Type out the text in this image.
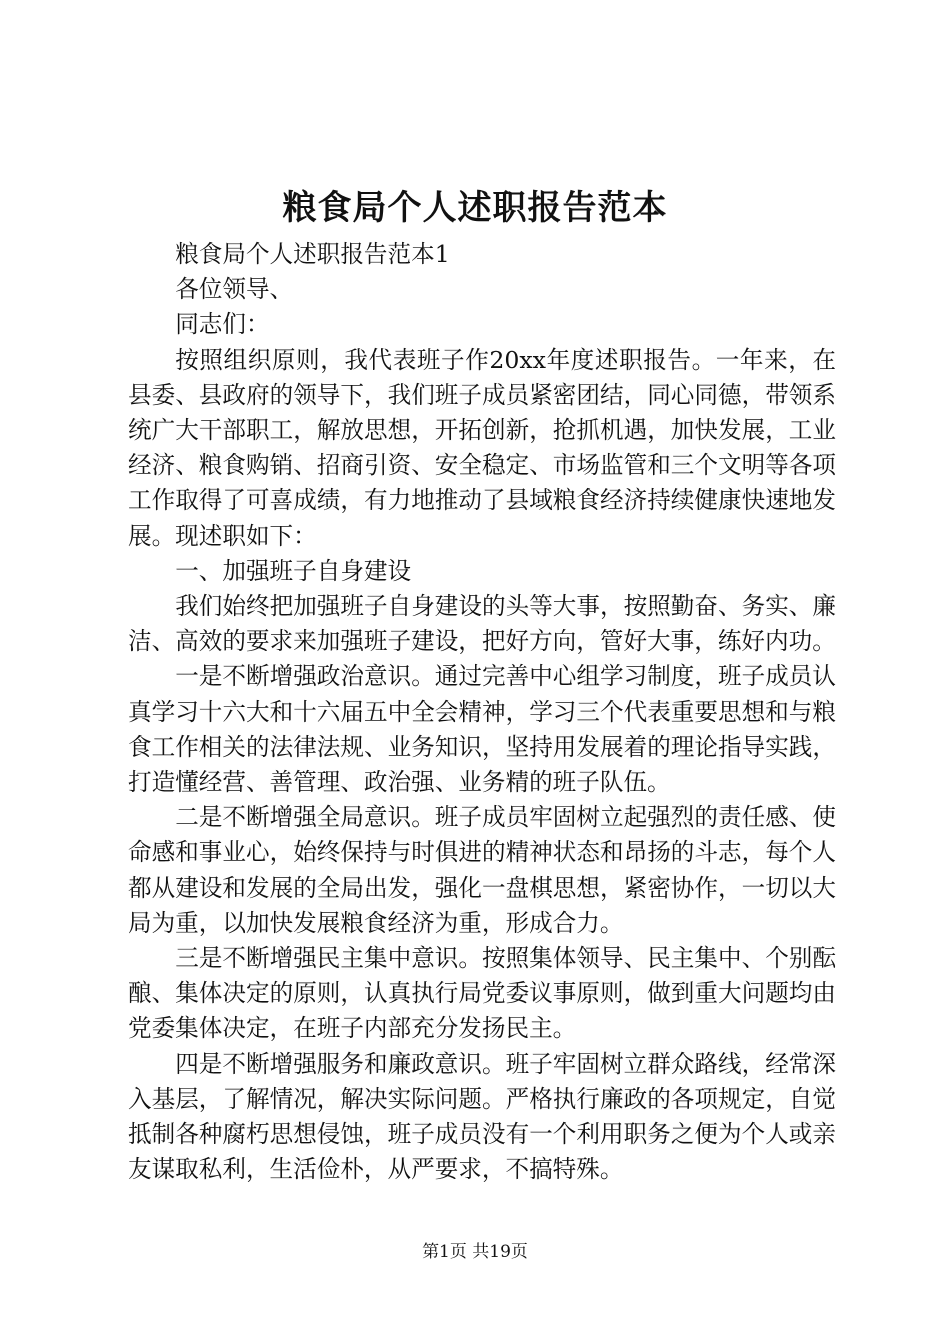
粮食局个人述职报告范本

粮食局个人述职报告范本1

各位领导、

同志们：

按照组织原则，我代表班子作20xx年度述职报告。一年来，在县委、县政府的领导下，我们班子成员紧密团结，同心同德，带领系统广大干部职工，解放思想，开拓创新，抢抓机遇，加快发展，工业经济、粮食购销、招商引资、安全稳定、市场监管和三个文明等各项工作取得了可喜成绩，有力地推动了县域粮食经济持续健康快速地发展。现述职如下：

一、加强班子自身建设

我们始终把加强班子自身建设的头等大事，按照勤奋、务实、廉洁、高效的要求来加强班子建设，把好方向，管好大事，练好内功。

一是不断增强政治意识。通过完善中心组学习制度，班子成员认真学习十六大和十六届五中全会精神，学习三个代表重要思想和与粮食工作相关的法律法规、业务知识，坚持用发展着的理论指导实践，打造懂经营、善管理、政治强、业务精的班子队伍。

二是不断增强全局意识。班子成员牢固树立起强烈的责任感、使命感和事业心，始终保持与时俱进的精神状态和昂扬的斗志，每个人都从建设和发展的全局出发，强化一盘棋思想，紧密协作，一切以大局为重，以加快发展粮食经济为重，形成合力。

三是不断增强民主集中意识。按照集体领导、民主集中、个别酝酿、集体决定的原则，认真执行局党委议事原则，做到重大问题均由党委集体决定，在班子内部充分发扬民主。

四是不断增强服务和廉政意识。班子牢固树立群众路线，经常深入基层，了解情况，解决实际问题。严格执行廉政的各项规定，自觉抵制各种腐朽思想侵蚀，班子成员没有一个利用职务之便为个人或亲友谋取私利，生活俭朴，从严要求，不搞特殊。

第1页 共19页
